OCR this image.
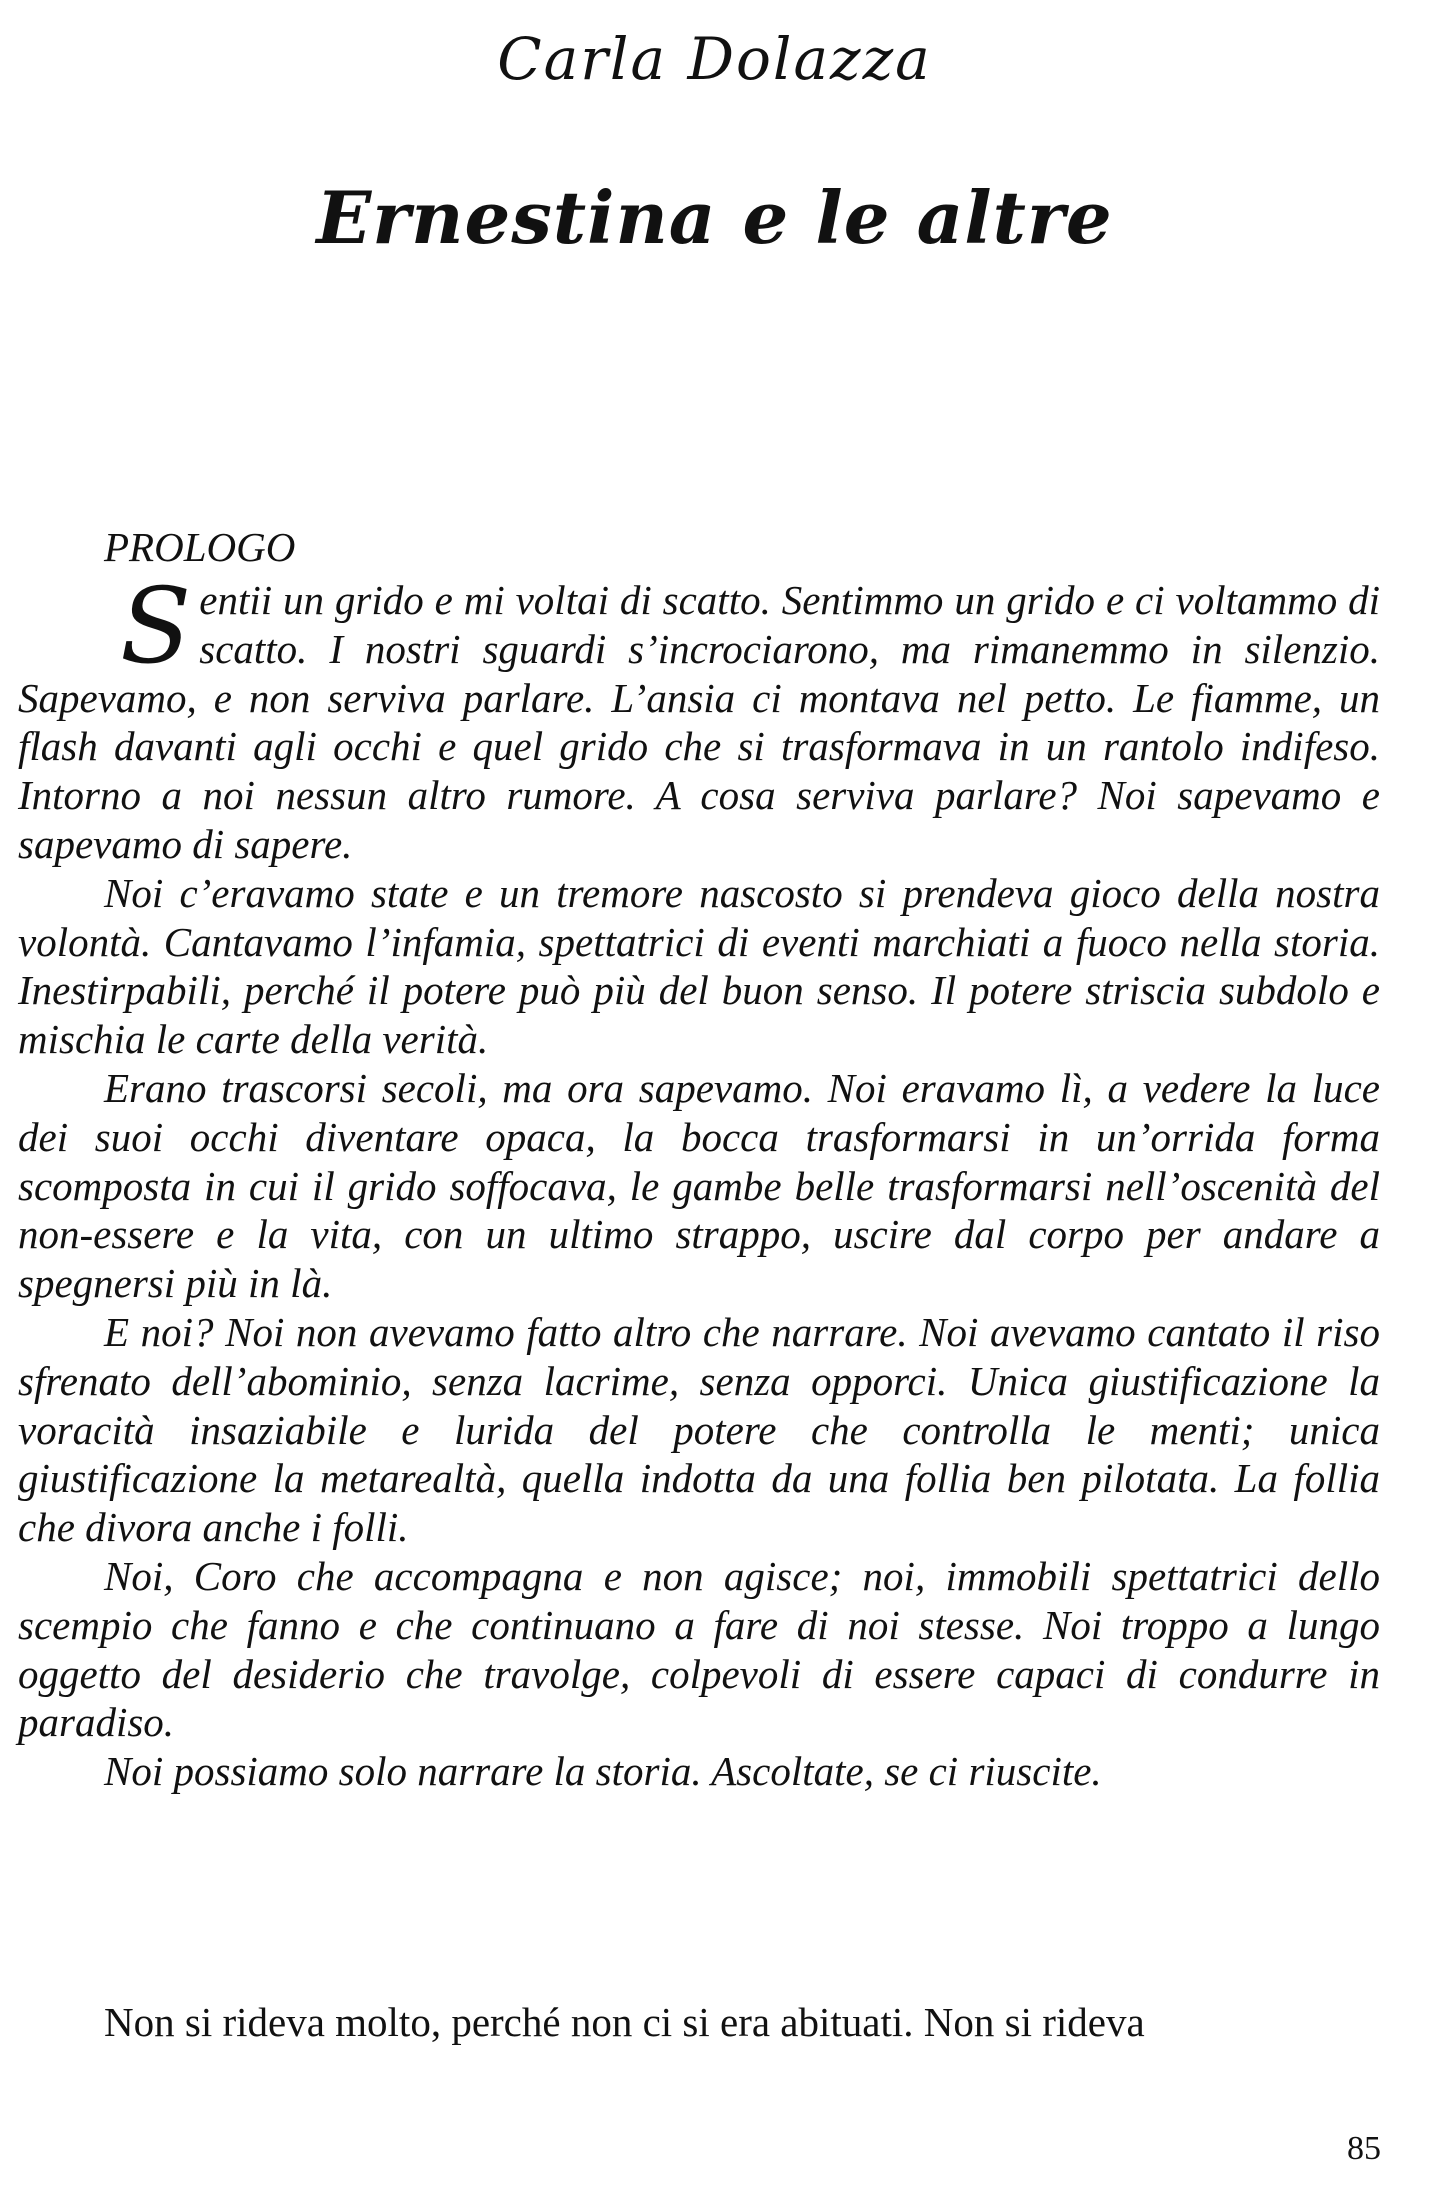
Carla Dolazza
Ernestina e le altre
PROLOGO

Sentii un grido e mi voltai di scatto. Sentimmo un grido e ci voltammo di scatto. I nostri sguardi s’incrociarono, ma rimanemmo in silenzio. Sapevamo, e non serviva parlare. L’ansia ci montava nel petto. Le fiamme, un flash davanti agli occhi e quel grido che si trasformava in un rantolo indifeso. Intorno a noi nessun altro rumore. A cosa serviva parlare? Noi sapevamo e sapevamo di sapere.

Noi c’eravamo state e un tremore nascosto si prendeva gioco della nostra volontà. Cantavamo l’infamia, spettatrici di eventi marchiati a fuoco nella storia. Inestirpabili, perché il potere può più del buon senso. Il potere striscia subdolo e mischia le carte della verità.

Erano trascorsi secoli, ma ora sapevamo. Noi eravamo lì, a vedere la luce dei suoi occhi diventare opaca, la bocca trasformarsi in un’orrida forma scomposta in cui il grido soffocava, le gambe belle trasformarsi nell’oscenità del non-essere e la vita, con un ultimo strappo, uscire dal corpo per andare a spegnersi più in là.

E noi? Noi non avevamo fatto altro che narrare. Noi avevamo cantato il riso sfrenato dell’abominio, senza lacrime, senza opporci. Unica giustificazione la voracità insaziabile e lurida del potere che controlla le menti; unica giustificazione la metarealtà, quella indotta da una follia ben pilotata. La follia che divora anche i folli.

Noi, Coro che accompagna e non agisce; noi, immobili spettatrici dello scempio che fanno e che continuano a fare di noi stesse. Noi troppo a lungo oggetto del desiderio che travolge, colpevoli di essere capaci di condurre in paradiso.

Noi possiamo solo narrare la storia. Ascoltate, se ci riuscite.

Non si rideva molto, perché non ci si era abituati. Non si rideva

85
